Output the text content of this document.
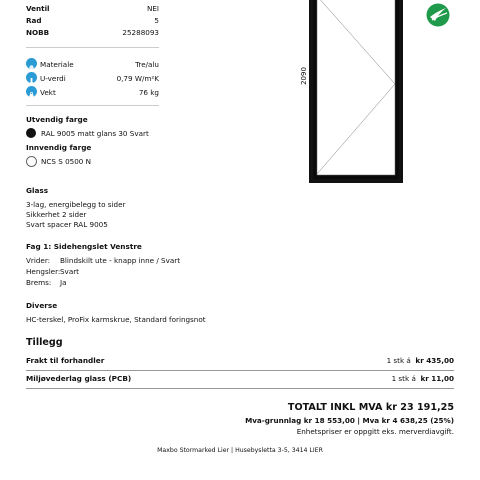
Ventil	NEI
Rad	5
NOBB	25288093
Materiale	Tre/alu
U-verdi	0,79 W/m²K
Vekt	76 kg
Utvendig farge
RAL 9005 matt glans 30 Svart
Innvendig farge
NCS S 0500 N
Glass
3-lag, energibelegg to sider
Sikkerhet 2 sider
Svart spacer RAL 9005
Fag 1: Sidehengslet Venstre
Vrider: Blindskilt ute - knapp inne / Svart
Hengsler: Svart
Brems: Ja
Diverse
HC-terskel, ProFix karmskrue, Standard foringsnot
2090
Tillegg
Frakt til forhandler	1 stk á kr 435,00
Miljøvederlag glass (PCB)	1 stk á kr 11,00
TOTALT INKL MVA kr 23 191,25
Mva-grunnlag kr 18 553,00 | Mva kr 4 638,25 (25%)
Enhetspriser er oppgitt eks. merverdiavgift.
Maxbo Stormarked Lier | Husebysletta 3-5, 3414 LIER
